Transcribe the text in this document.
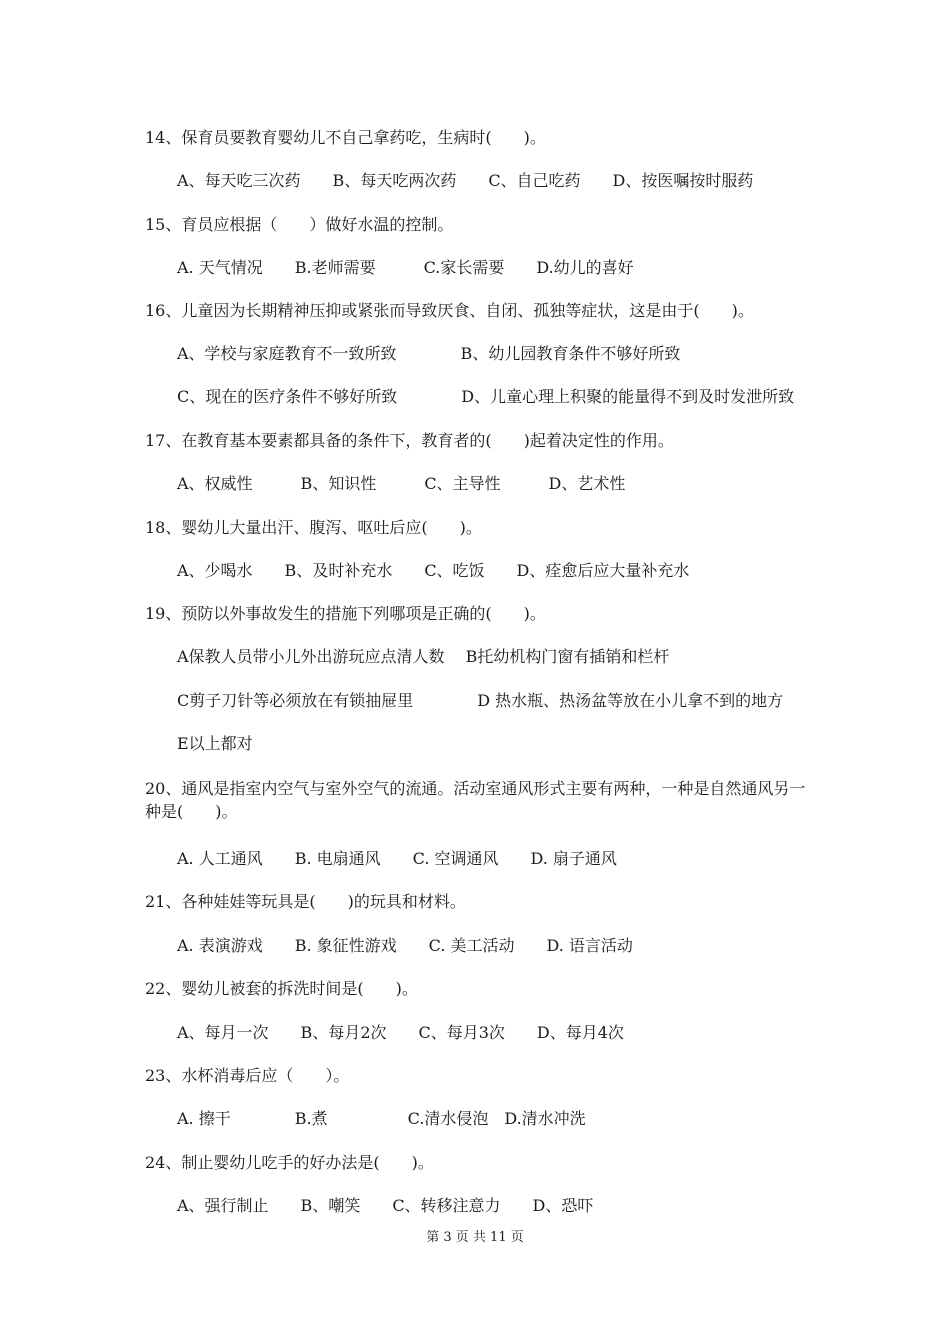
14、保育员要教育婴幼儿不自己拿药吃，生病时(　　)。
A、每天吃三次药　　B、每天吃两次药　　C、自己吃药　　D、按医嘱按时服药
15、育员应根据（　　）做好水温的控制。
A. 天气情况　　B.老师需要　　　C.家长需要　　D.幼儿的喜好
16、儿童因为长期精神压抑或紧张而导致厌食、自闭、孤独等症状，这是由于(　　)。
A、学校与家庭教育不一致所致　　　　B、幼儿园教育条件不够好所致
C、现在的医疗条件不够好所致　　　　D、儿童心理上积聚的能量得不到及时发泄所致
17、在教育基本要素都具备的条件下，教育者的(　　)起着决定性的作用。
A、权威性　　　B、知识性　　　C、主导性　　　D、艺术性
18、婴幼儿大量出汗、腹泻、呕吐后应(　　)。
A、少喝水　　B、及时补充水　　C、吃饭　　D、痊愈后应大量补充水
19、预防以外事故发生的措施下列哪项是正确的(　　)。
A保教人员带小儿外出游玩应点清人数　 B托幼机构门窗有插销和栏杆
C剪子刀针等必须放在有锁抽屉里　　　　D 热水瓶、热汤盆等放在小儿拿不到的地方
E以上都对
20、通风是指室内空气与室外空气的流通。活动室通风形式主要有两种，一种是自然通风另一种是(　　)。
A. 人工通风　　B. 电扇通风　　C. 空调通风　　D. 扇子通风
21、各种娃娃等玩具是(　　)的玩具和材料。
A. 表演游戏　　B. 象征性游戏　　C. 美工活动　　D. 语言活动
22、婴幼儿被套的拆洗时间是(　　)。
A、每月一次　　B、每月2次　　C、每月3次　　D、每月4次
23、水杯消毒后应（　　）。
A. 擦干　　　　B.煮　　　　　C.清水侵泡　D.清水冲洗
24、制止婴幼儿吃手的好办法是(　　)。
A、强行制止　　B、嘲笑　　C、转移注意力　　D、恐吓
第 3 页 共 11 页
